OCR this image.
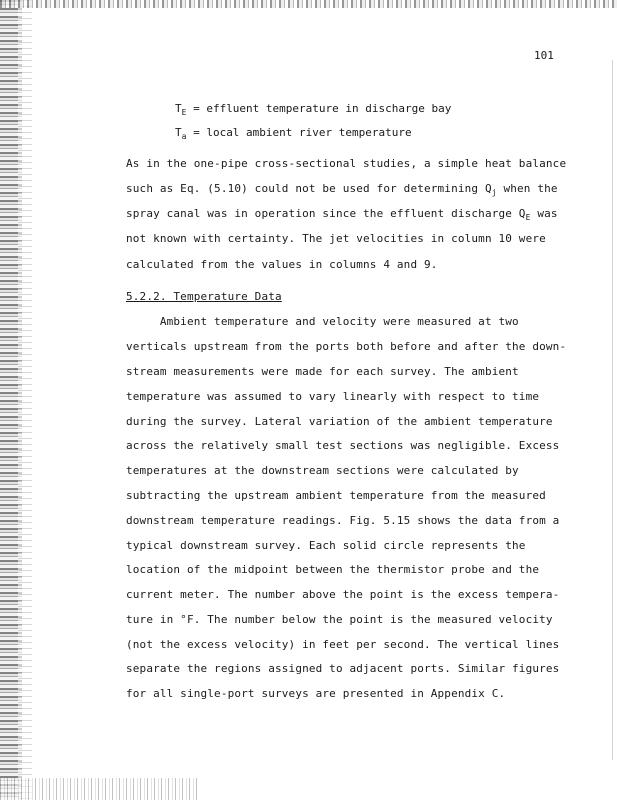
101

$T_E$ = effluent temperature in discharge bay

$T_a$ = local ambient river temperature

As in the one-pipe cross-sectional studies, a simple heat balance

such as Eq. (5.10) could not be used for determining $Q_j$ when the

spray canal was in operation since the effluent discharge $Q_E$ was

not known with certainty. The jet velocities in column 10 were

calculated from the values in columns 4 and 9.

5.2.2. Temperature Data

Ambient temperature and velocity were measured at two

verticals upstream from the ports both before and after the down-

stream measurements were made for each survey. The ambient

temperature was assumed to vary linearly with respect to time

during the survey. Lateral variation of the ambient temperature

across the relatively small test sections was negligible. Excess

temperatures at the downstream sections were calculated by

subtracting the upstream ambient temperature from the measured

downstream temperature readings. Fig. 5.15 shows the data from a

typical downstream survey. Each solid circle represents the

location of the midpoint between the thermistor probe and the

current meter. The number above the point is the excess tempera-

ture in °F. The number below the point is the measured velocity

(not the excess velocity) in feet per second. The vertical lines

separate the regions assigned to adjacent ports. Similar figures

for all single-port surveys are presented in Appendix C.
